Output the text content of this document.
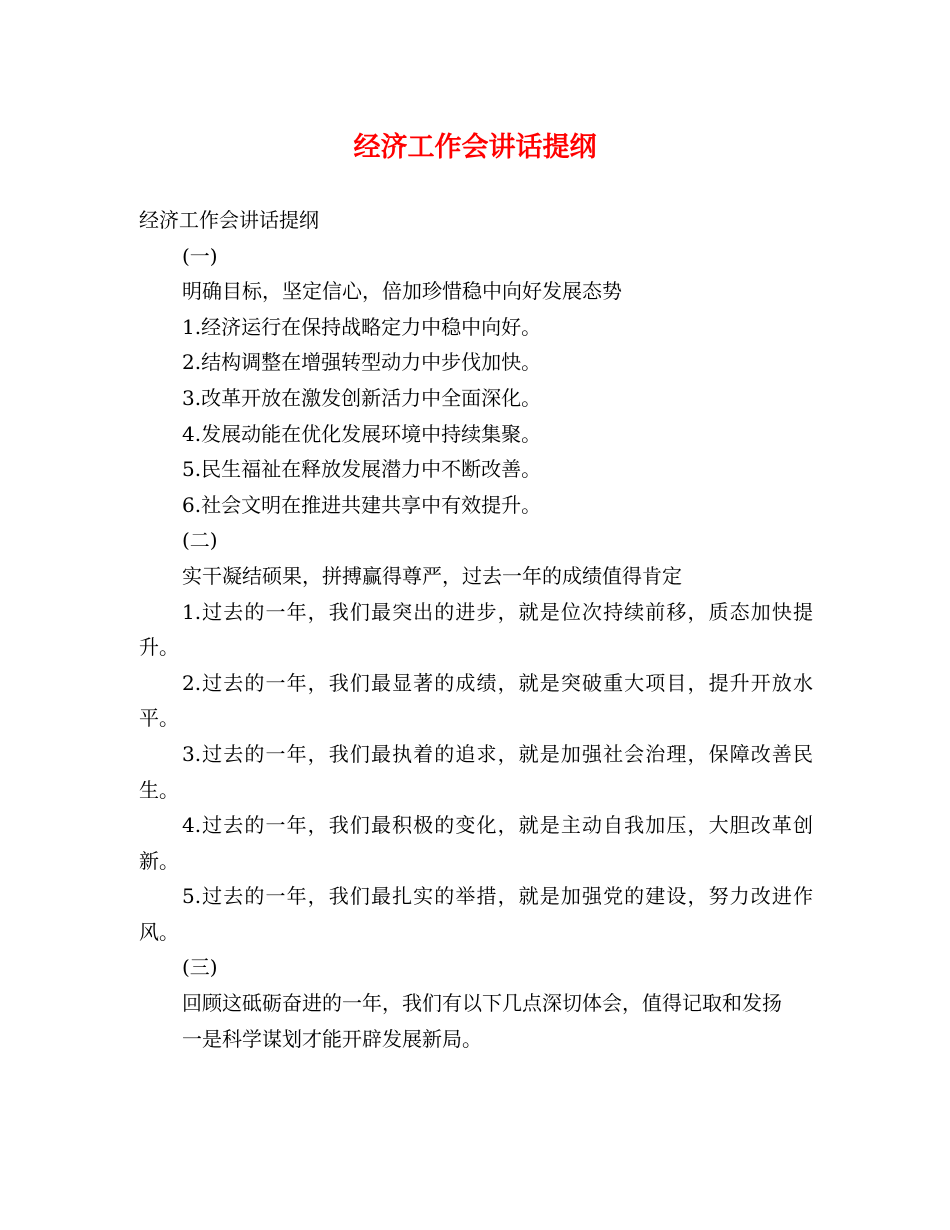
经济工作会讲话提纲

经济工作会讲话提纲

(一)

明确目标，坚定信心，倍加珍惜稳中向好发展态势

1.经济运行在保持战略定力中稳中向好。

2.结构调整在增强转型动力中步伐加快。

3.改革开放在激发创新活力中全面深化。

4.发展动能在优化发展环境中持续集聚。

5.民生福祉在释放发展潜力中不断改善。

6.社会文明在推进共建共享中有效提升。

(二)

实干凝结硕果，拼搏赢得尊严，过去一年的成绩值得肯定

1.过去的一年，我们最突出的进步，就是位次持续前移，质态加快提升。

2.过去的一年，我们最显著的成绩，就是突破重大项目，提升开放水平。

3.过去的一年，我们最执着的追求，就是加强社会治理，保障改善民生。

4.过去的一年，我们最积极的变化，就是主动自我加压，大胆改革创新。

5.过去的一年，我们最扎实的举措，就是加强党的建设，努力改进作风。

(三)

回顾这砥砺奋进的一年，我们有以下几点深切体会，值得记取和发扬

一是科学谋划才能开辟发展新局。
